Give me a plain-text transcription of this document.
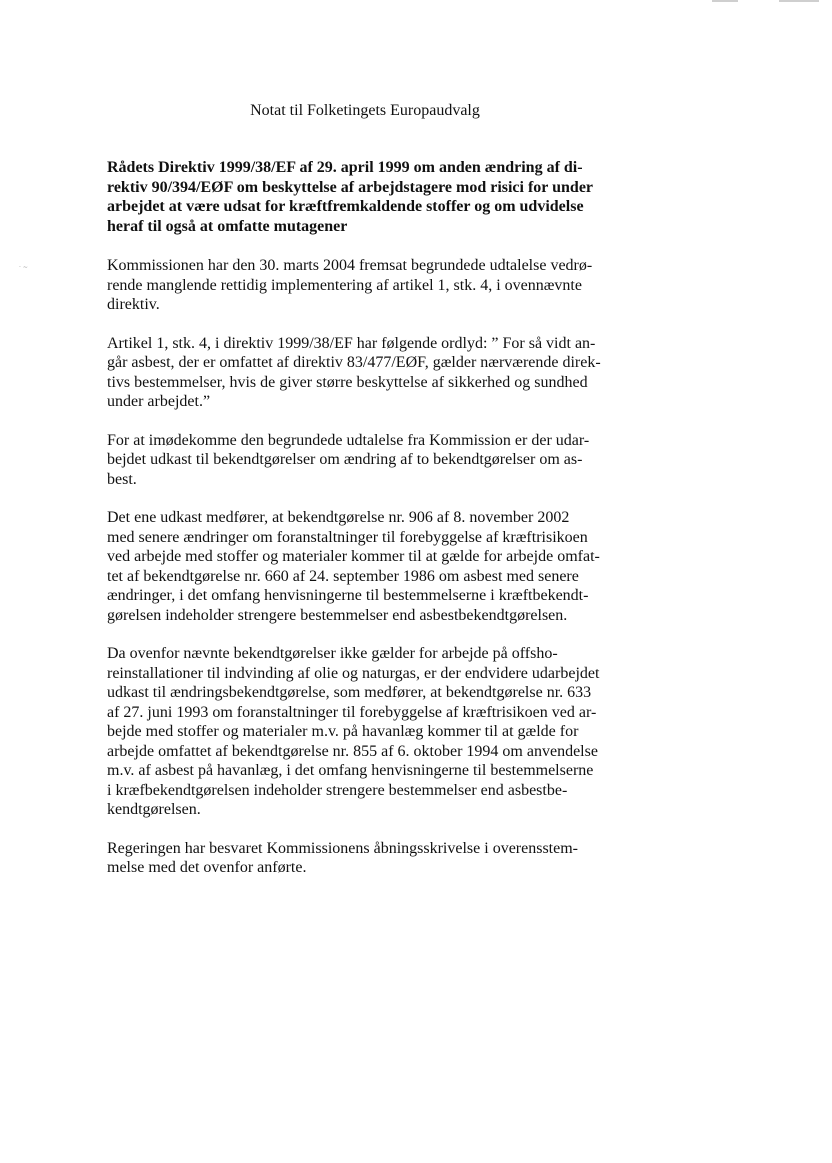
· ~
Notat til Folketingets Europaudvalg
Rådets Direktiv 1999/38/EF af 29. april 1999 om anden ændring af di-
rektiv 90/394/EØF om beskyttelse af arbejdstagere mod risici for under
arbejdet at være udsat for kræftfremkaldende stoffer og om udvidelse
heraf til også at omfatte mutagener
Kommissionen har den 30. marts 2004 fremsat begrundede udtalelse vedrø-
rende manglende rettidig implementering af artikel 1, stk. 4, i ovennævnte
direktiv.
Artikel 1, stk. 4, i direktiv 1999/38/EF har følgende ordlyd: ” For så vidt an-
går asbest, der er omfattet af direktiv 83/477/EØF, gælder nærværende direk-
tivs bestemmelser, hvis de giver større beskyttelse af sikkerhed og sundhed
under arbejdet.”
For at imødekomme den begrundede udtalelse fra Kommission er der udar-
bejdet udkast til bekendtgørelser om ændring af to bekendtgørelser om as-
best.
Det ene udkast medfører, at bekendtgørelse nr. 906 af 8. november 2002
med senere ændringer om foranstaltninger til forebyggelse af kræftrisikoen
ved arbejde med stoffer og materialer kommer til at gælde for arbejde omfat-
tet af bekendtgørelse nr. 660 af 24. september 1986 om asbest med senere
ændringer, i det omfang henvisningerne til bestemmelserne i kræftbekendt-
gørelsen indeholder strengere bestemmelser end asbestbekendtgørelsen.
Da ovenfor nævnte bekendtgørelser ikke gælder for arbejde på offsho-
reinstallationer til indvinding af olie og naturgas, er der endvidere udarbejdet
udkast til ændringsbekendtgørelse, som medfører, at bekendtgørelse nr. 633
af 27. juni 1993 om foranstaltninger til forebyggelse af kræftrisikoen ved ar-
bejde med stoffer og materialer m.v. på havanlæg kommer til at gælde for
arbejde omfattet af bekendtgørelse nr. 855 af 6. oktober 1994 om anvendelse
m.v. af asbest på havanlæg, i det omfang henvisningerne til bestemmelserne
i kræfbekendtgørelsen indeholder strengere bestemmelser end asbestbe-
kendtgørelsen.
Regeringen har besvaret Kommissionens åbningsskrivelse i overensstem-
melse med det ovenfor anførte.
